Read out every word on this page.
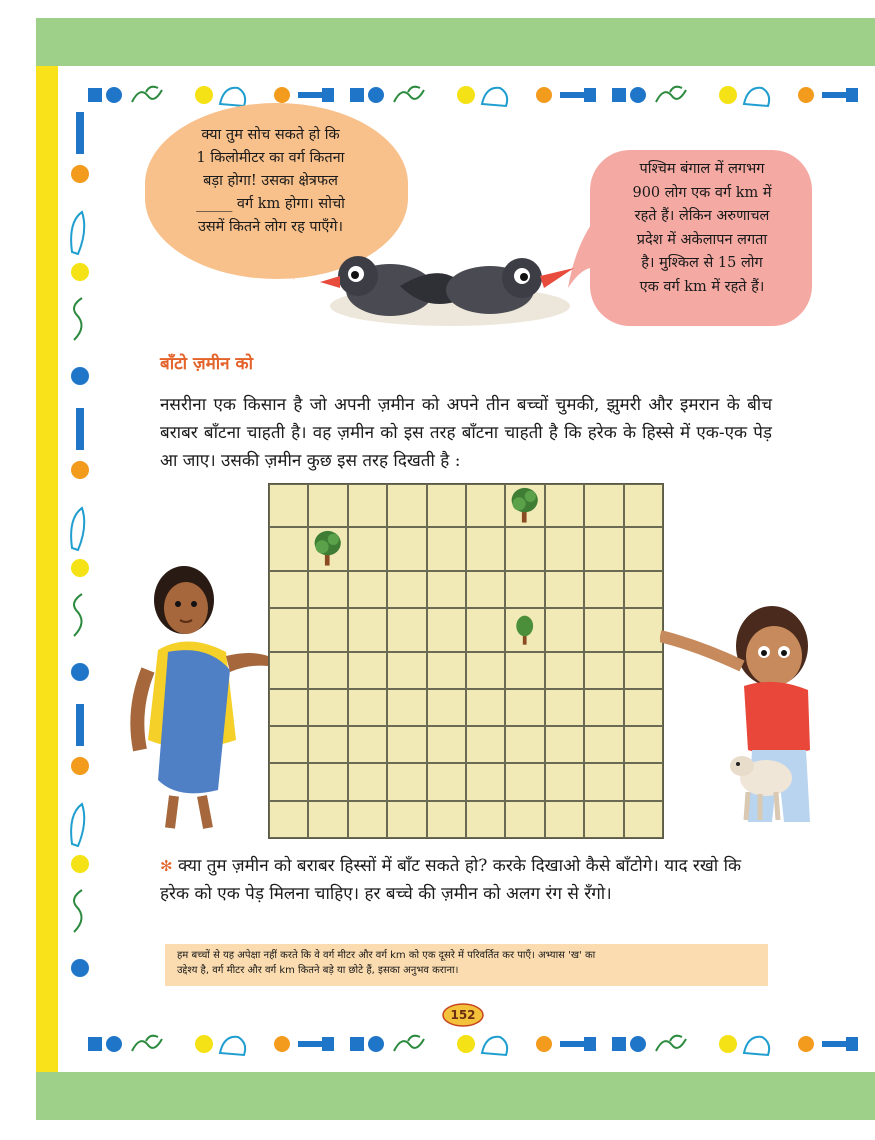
क्या तुम सोच सकते हो कि
1 किलोमीटर का वर्ग कितना
बड़ा होगा! उसका क्षेत्रफल
_____ वर्ग km होगा। सोचो
उसमें कितने लोग रह पाएँगे।
पश्चिम बंगाल में लगभग
900 लोग एक वर्ग km में
रहते हैं। लेकिन अरुणाचल
प्रदेश में अकेलापन लगता
है। मुश्किल से 15 लोग
एक वर्ग km में रहते हैं।
बाँटो ज़मीन को
नसरीना एक किसान है जो अपनी ज़मीन को अपने तीन बच्चों चुमकी, झुमरी और इमरान के बीच बराबर बाँटना चाहती है। वह ज़मीन को इस तरह बाँटना चाहती है कि हरेक के हिस्से में एक-एक पेड़ आ जाए। उसकी ज़मीन कुछ इस तरह दिखती है :
✻ क्या तुम ज़मीन को बराबर हिस्सों में बाँट सकते हो? करके दिखाओ कैसे बाँटोगे। याद रखो कि हरेक को एक पेड़ मिलना चाहिए। हर बच्चे की ज़मीन को अलग रंग से रँगो।
हम बच्चों से यह अपेक्षा नहीं करते कि वे वर्ग मीटर और वर्ग km को एक दूसरे में परिवर्तित कर पाएँ। अभ्यास 'ख' का
उद्देश्य है, वर्ग मीटर और वर्ग km कितने बड़े या छोटे हैं, इसका अनुभव कराना।
152
